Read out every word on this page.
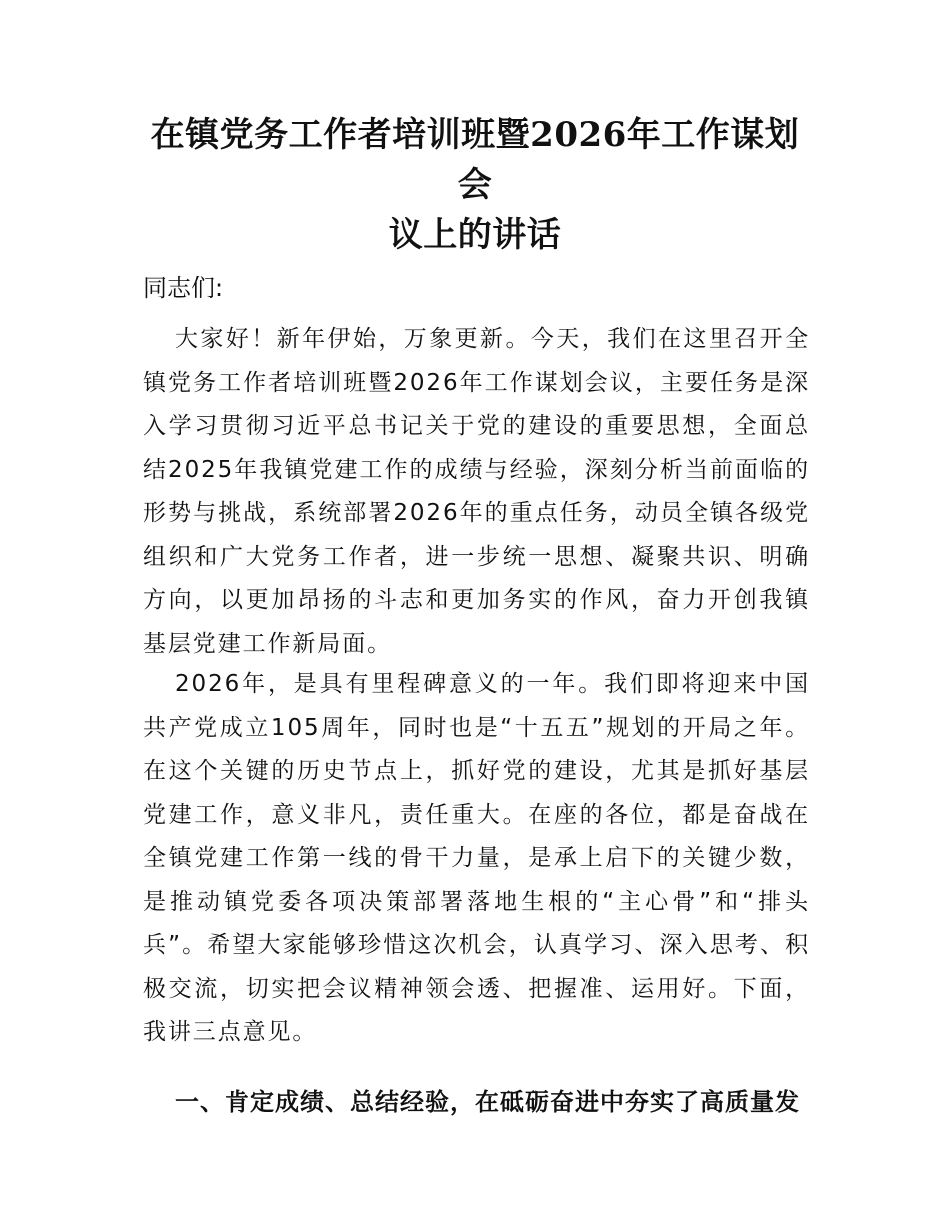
在镇党务工作者培训班暨2026年工作谋划会
议上的讲话
同志们:

大家好！新年伊始，万象更新。今天，我们在这里召开全镇党务工作者培训班暨2026年工作谋划会议，主要任务是深入学习贯彻习近平总书记关于党的建设的重要思想，全面总结2025年我镇党建工作的成绩与经验，深刻分析当前面临的形势与挑战，系统部署2026年的重点任务，动员全镇各级党组织和广大党务工作者，进一步统一思想、凝聚共识、明确方向，以更加昂扬的斗志和更加务实的作风，奋力开创我镇基层党建工作新局面。

2026年，是具有里程碑意义的一年。我们即将迎来中国共产党成立105周年，同时也是“十五五”规划的开局之年。在这个关键的历史节点上，抓好党的建设，尤其是抓好基层党建工作，意义非凡，责任重大。在座的各位，都是奋战在全镇党建工作第一线的骨干力量，是承上启下的关键少数，是推动镇党委各项决策部署落地生根的“主心骨”和“排头兵”。希望大家能够珍惜这次机会，认真学习、深入思考、积极交流，切实把会议精神领会透、把握准、运用好。下面，我讲三点意见。

一、肯定成绩、总结经验，在砥砺奋进中夯实了高质量发
